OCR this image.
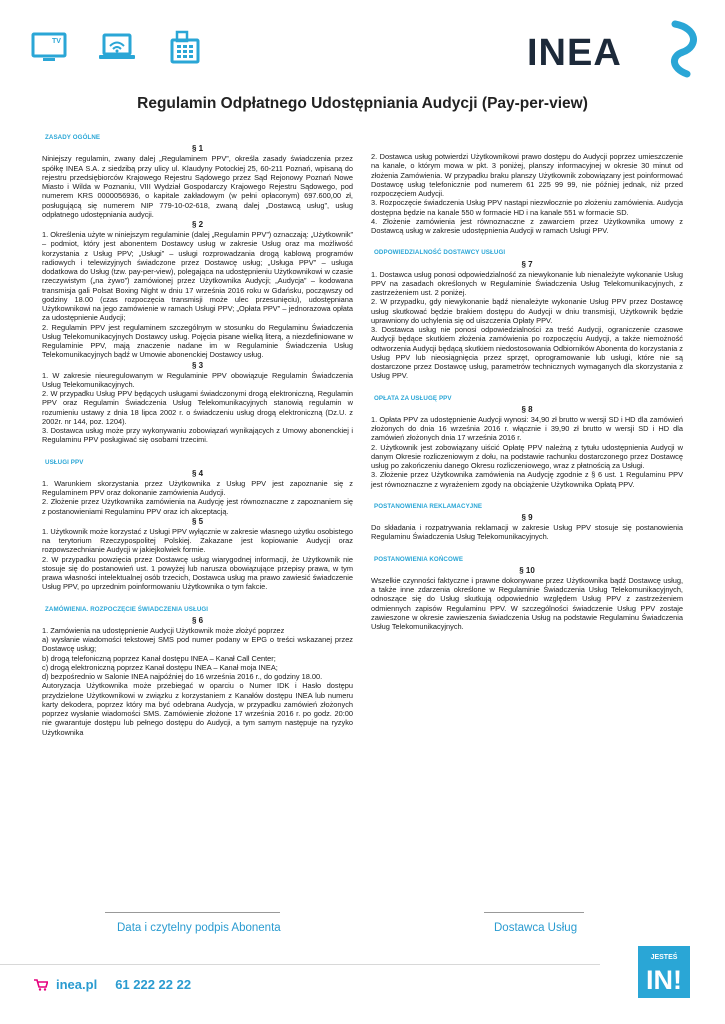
TV	INEA
Regulamin Odpłatnego Udostępniania Audycji (Pay-per-view)
ZASADY OGÓLNE
§ 1

Niniejszy regulamin, zwany dalej „Regulaminem PPV”, określa zasady świadczenia przez spółkę INEA S.A. z siedzibą przy ulicy ul. Klaudyny Potockiej 25, 60-211 Poznań, wpisaną do rejestru przedsiębiorców Krajowego Rejestru Sądowego przez Sąd Rejonowy Poznań Nowe Miasto i Wilda w Poznaniu, VIII Wydział Gospodarczy Krajowego Rejestru Sądowego, pod numerem KRS 0000056936, o kapitale zakładowym (w pełni opłaconym) 697.600,00 zł, posługującą się numerem NIP 779-10-02-618, zwaną dalej „Dostawcą usług”, usług odpłatnego udostępniania audycji.

§ 2

1. Określenia użyte w niniejszym regulaminie (dalej „Regulamin PPV”) oznaczają: „Użytkownik” – podmiot, który jest abonentem Dostawcy usług w zakresie Usług oraz ma możliwość korzystania z Usług PPV; „Usługi” – usługi rozprowadzania drogą kablową programów radiowych i telewizyjnych świadczone przez Dostawcę usług; „Usługa PPV” – usługa dodatkowa do Usług (tzw. pay-per-view), polegająca na udostępnieniu Użytkownikowi w czasie rzeczywistym („na żywo”) zamówionej przez Użytkownika Audycji; „Audycja” – kodowana transmisja gali Polsat Boxing Night w dniu 17 września 2016 roku w Gdańsku, począwszy od godziny 18.00 (czas rozpoczęcia transmisji może ulec przesunięciu), udostępniana Użytkownikowi na jego zamówienie w ramach Usługi PPV; „Opłata PPV” – jednorazowa opłata za udostępnienie Audycji;

2. Regulamin PPV jest regulaminem szczególnym w stosunku do Regulaminu Świadczenia Usług Telekomunikacyjnych Dostawcy usług. Pojęcia pisane wielką literą, a niezdefiniowane w Regulaminie PPV, mają znaczenie nadane im w Regulaminie Świadczenia Usług Telekomunikacyjnych bądź w Umowie abonenckiej Dostawcy usług.

§ 3

1. W zakresie nieuregulowanym w Regulaminie PPV obowiązuje Regulamin Świadczenia Usług Telekomunikacyjnych.

2. W przypadku Usług PPV będących usługami świadczonymi drogą elektroniczną, Regulamin PPV oraz Regulamin Świadczenia Usług Telekomunikacyjnych stanowią regulamin w rozumieniu ustawy z dnia 18 lipca 2002 r. o świadczeniu usług drogą elektroniczną (Dz.U. z 2002r. nr 144, poz. 1204).

3. Dostawca usług może przy wykonywaniu zobowiązań wynikających z Umowy abonenckiej i Regulaminu PPV posługiwać się osobami trzecimi.

USŁUGI PPV
§ 4

1. Warunkiem skorzystania przez Użytkownika z Usług PPV jest zapoznanie się z Regulaminem PPV oraz dokonanie zamówienia Audycji.

2. Złożenie przez Użytkownika zamówienia na Audycję jest równoznaczne z zapoznaniem się z postanowieniami Regulaminu PPV oraz ich akceptacją.

§ 5

1. Użytkownik może korzystać z Usługi PPV wyłącznie w zakresie własnego użytku osobistego na terytorium Rzeczypospolitej Polskiej. Zakazane jest kopiowanie Audycji oraz rozpowszechnianie Audycji w jakiejkolwiek formie.

2. W przypadku powzięcia przez Dostawcę usług wiarygodnej informacji, że Użytkownik nie stosuje się do postanowień ust. 1 powyżej lub narusza obowiązujące przepisy prawa, w tym prawa własności intelektualnej osób trzecich, Dostawca usług ma prawo zawiesić świadczenie Usług PPV, po uprzednim poinformowaniu Użytkownika o tym fakcie.

ZAMÓWIENIA. ROZPOCZĘCIE ŚWIADCZENIA USŁUGI
§ 6

1. Zamówienia na udostępnienie Audycji Użytkownik może złożyć poprzez

a) wysłanie wiadomości tekstowej SMS pod numer podany w EPG o treści wskazanej przez Dostawcę usług;

b) drogą telefoniczną poprzez Kanał dostępu INEA – Kanał Call Center;

c) drogą elektroniczną poprzez Kanał dostępu INEA – Kanał moja INEA;

d) bezpośrednio w Salonie INEA najpóźniej do 16 września 2016 r., do godziny 18.00.

Autoryzacja Użytkownika może przebiegać w oparciu o Numer IDK i Hasło dostępu przydzielone Użytkownikowi w związku z korzystaniem z Kanałów dostępu INEA lub numeru karty dekodera, poprzez który ma być odebrana Audycja, w przypadku zamówień złożonych poprzez wysłanie wiadomości SMS. Zamówienie złożone 17 września 2016 r. po godz. 20:00 nie gwarantuje dostępu lub pełnego dostępu do Audycji, a tym samym następuje na ryzyko Użytkownika

2. Dostawca usług potwierdzi Użytkownikowi prawo dostępu do Audycji poprzez umieszczenie na kanale, o którym mowa w pkt. 3 poniżej, planszy informacyjnej w okresie 30 minut od złożenia Zamówienia. W przypadku braku planszy Użytkownik zobowiązany jest poinformować Dostawcę usług telefonicznie pod numerem 61 225 99 99, nie później jednak, niż przed rozpoczęciem Audycji.

3. Rozpoczęcie świadczenia Usług PPV nastąpi niezwłocznie po złożeniu zamówienia. Audycja dostępna będzie na kanale 550 w formacie HD i na kanale 551 w formacie SD.

4. Złożenie zamówienia jest równoznaczne z zawarciem przez Użytkownika umowy z Dostawcą usług w zakresie udostępnienia Audycji w ramach Usługi PPV.

ODPOWIEDZIALNOŚĆ DOSTAWCY USŁUGI
§ 7

1. Dostawca usług ponosi odpowiedzialność za niewykonanie lub nienależyte wykonanie Usług PPV na zasadach określonych w Regulaminie Świadczenia Usług Telekomunikacyjnych, z zastrzeżeniem ust. 2 poniżej.

2. W przypadku, gdy niewykonanie bądź nienależyte wykonanie Usług PPV przez Dostawcę usług skutkować będzie brakiem dostępu do Audycji w dniu transmisji, Użytkownik będzie uprawniony do uchylenia się od uiszczenia Opłaty PPV.

3. Dostawca usług nie ponosi odpowiedzialności za treść Audycji, ograniczenie czasowe Audycji będące skutkiem złożenia zamówienia po rozpoczęciu Audycji, a także niemożność odtworzenia Audycji będącą skutkiem niedostosowania Odbiorników Abonenta do korzystania z Usług PPV lub nieosiągnięcia przez sprzęt, oprogramowanie lub usługi, które nie są dostarczone przez Dostawcę usług, parametrów technicznych wymaganych dla skorzystania z Usług PPV.

OPŁATA ZA USŁUGĘ PPV
§ 8

1. Opłata PPV za udostępnienie Audycji wynosi: 34,90 zł brutto w wersji SD i HD dla zamówień złożonych do dnia 16 września 2016 r. włącznie i 39,90 zł brutto w wersji SD i HD dla zamówień złożonych dnia 17 września 2016 r.

2. Użytkownik jest zobowiązany uiścić Opłatę PPV należną z tytułu udostępnienia Audycji w danym Okresie rozliczeniowym z dołu, na podstawie rachunku dostarczonego przez Dostawcę usług po zakończeniu danego Okresu rozliczeniowego, wraz z płatnością za Usługi.

3. Złożenie przez Użytkownika zamówienia na Audycję zgodnie z § 6 ust. 1 Regulaminu PPV jest równoznaczne z wyrażeniem zgody na obciążenie Użytkownika Opłatą PPV.

POSTANOWIENIA REKLAMACYJNE
§ 9

Do składania i rozpatrywania reklamacji w zakresie Usług PPV stosuje się postanowienia Regulaminu Świadczenia Usług Telekomunikacyjnych.

POSTANOWIENIA KOŃCOWE
§ 10

Wszelkie czynności faktyczne i prawne dokonywane przez Użytkownika bądź Dostawcę usług, a także inne zdarzenia określone w Regulaminie Świadczenia Usług Telekomunikacyjnych, odnoszące się do Usług skutkują odpowiednio względem Usług PPV z zastrzeżeniem odmiennych zapisów Regulaminu PPV. W szczególności świadczenie Usług PPV zostaje zawieszone w okresie zawieszenia świadczenia Usług na podstawie Regulaminu Świadczenia Usług Telekomunikacyjnych.

Data i czytelny podpis Abonenta	Dostawca Usług
inea.pl 61 222 22 22
JESTEŚ
IN!
